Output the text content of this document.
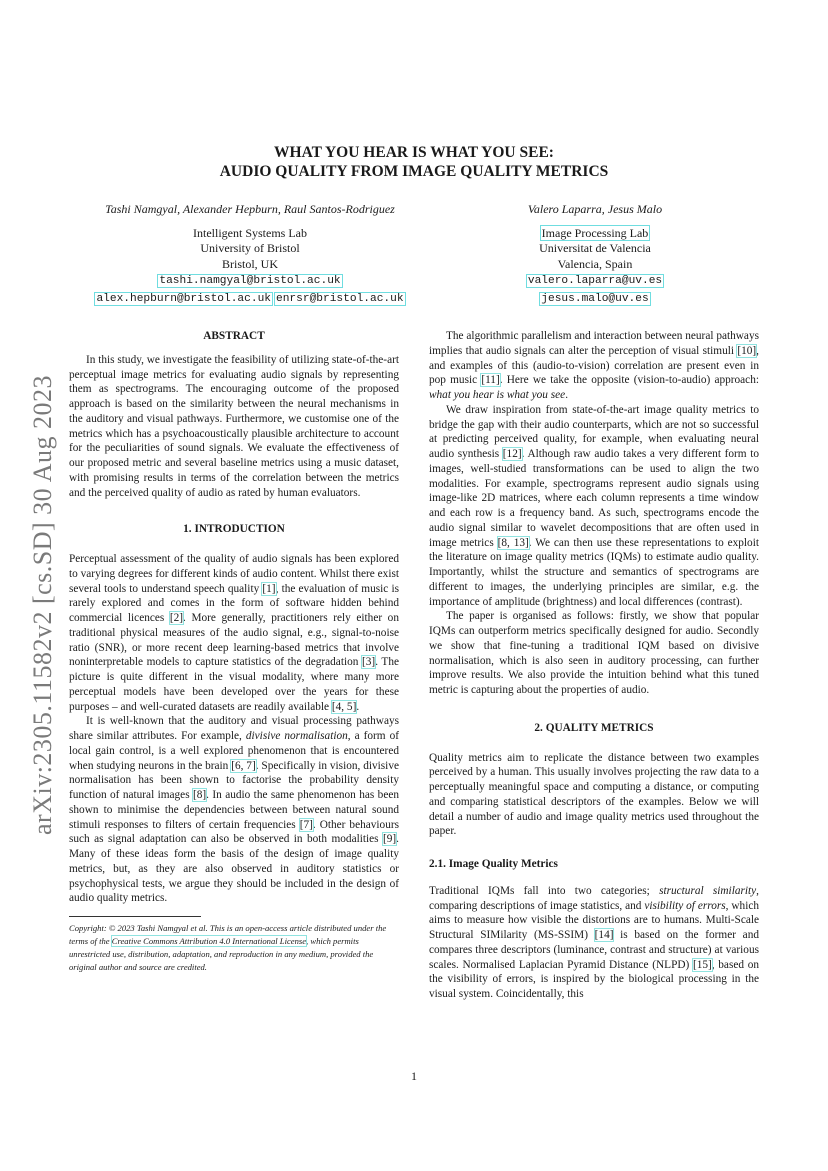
arXiv:2305.11582v2 [cs.SD] 30 Aug 2023
WHAT YOU HEAR IS WHAT YOU SEE:
AUDIO QUALITY FROM IMAGE QUALITY METRICS
Tashi Namgyal, Alexander Hepburn, Raul Santos-Rodriguez
Intelligent Systems Lab
University of Bristol
Bristol, UK
tashi.namgyal@bristol.ac.uk
alex.hepburn@bristol.ac.uk enrsr@bristol.ac.uk
Valero Laparra, Jesus Malo
Image Processing Lab
Universitat de Valencia
Valencia, Spain
valero.laparra@uv.es
jesus.malo@uv.es
ABSTRACT

In this study, we investigate the feasibility of utilizing state-of-the-art perceptual image metrics for evaluating audio signals by representing them as spectrograms. The encouraging outcome of the proposed approach is based on the similarity between the neural mechanisms in the auditory and visual pathways. Furthermore, we customise one of the metrics which has a psychoacoustically plausible architecture to account for the peculiarities of sound signals. We evaluate the effectiveness of our proposed metric and several baseline metrics using a music dataset, with promising results in terms of the correlation between the metrics and the perceived quality of audio as rated by human evaluators.

1. INTRODUCTION

Perceptual assessment of the quality of audio signals has been explored to varying degrees for different kinds of audio content. Whilst there exist several tools to understand speech quality [1], the evaluation of music is rarely explored and comes in the form of software hidden behind commercial licences [2]. More generally, practitioners rely either on traditional physical measures of the audio signal, e.g., signal-to-noise ratio (SNR), or more recent deep learning-based metrics that involve noninterpretable models to capture statistics of the degradation [3]. The picture is quite different in the visual modality, where many more perceptual models have been developed over the years for these purposes – and well-curated datasets are readily available [4, 5].

It is well-known that the auditory and visual processing pathways share similar attributes. For example, divisive normalisation, a form of local gain control, is a well explored phenomenon that is encountered when studying neurons in the brain [6, 7]. Specifically in vision, divisive normalisation has been shown to factorise the probability density function of natural images [8]. In audio the same phenomenon has been shown to minimise the dependencies between between natural sound stimuli responses to filters of certain frequencies [7]. Other behaviours such as signal adaptation can also be observed in both modalities [9]. Many of these ideas form the basis of the design of image quality metrics, but, as they are also observed in auditory statistics or psychophysical tests, we argue they should be included in the design of audio quality metrics.

Copyright: © 2023 Tashi Namgyal et al. This is an open-access article distributed under the terms of the Creative Commons Attribution 4.0 International License, which permits unrestricted use, distribution, adaptation, and reproduction in any medium, provided the original author and source are credited.

The algorithmic parallelism and interaction between neural pathways implies that audio signals can alter the perception of visual stimuli [10], and examples of this (audio-to-vision) correlation are present even in pop music [11]. Here we take the opposite (vision-to-audio) approach: what you hear is what you see.

We draw inspiration from state-of-the-art image quality metrics to bridge the gap with their audio counterparts, which are not so successful at predicting perceived quality, for example, when evaluating neural audio synthesis [12]. Although raw audio takes a very different form to images, well-studied transformations can be used to align the two modalities. For example, spectrograms represent audio signals using image-like 2D matrices, where each column represents a time window and each row is a frequency band. As such, spectrograms encode the audio signal similar to wavelet decompositions that are often used in image metrics [8, 13]. We can then use these representations to exploit the literature on image quality metrics (IQMs) to estimate audio quality. Importantly, whilst the structure and semantics of spectrograms are different to images, the underlying principles are similar, e.g. the importance of amplitude (brightness) and local differences (contrast).

The paper is organised as follows: firstly, we show that popular IQMs can outperform metrics specifically designed for audio. Secondly we show that fine-tuning a traditional IQM based on divisive normalisation, which is also seen in auditory processing, can further improve results. We also provide the intuition behind what this tuned metric is capturing about the properties of audio.

2. QUALITY METRICS

Quality metrics aim to replicate the distance between two examples perceived by a human. This usually involves projecting the raw data to a perceptually meaningful space and computing a distance, or computing and comparing statistical descriptors of the examples. Below we will detail a number of audio and image quality metrics used throughout the paper.

2.1. Image Quality Metrics

Traditional IQMs fall into two categories; structural similarity, comparing descriptions of image statistics, and visibility of errors, which aims to measure how visible the distortions are to humans. Multi-Scale Structural SIMilarity (MS-SSIM) [14] is based on the former and compares three descriptors (luminance, contrast and structure) at various scales. Normalised Laplacian Pyramid Distance (NLPD) [15], based on the visibility of errors, is inspired by the biological processing in the visual system. Coincidentally, this

1
